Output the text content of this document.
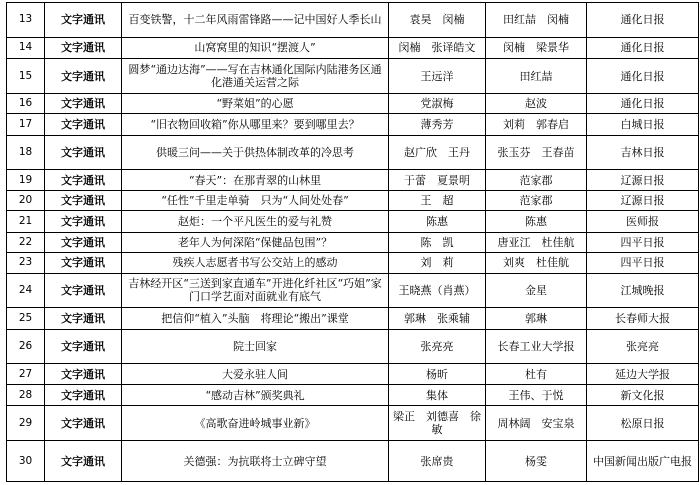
13	文字通讯	百变铁警，十二年风雨雷锋路——记中国好人季长山	袁昊　闵楠	田红喆　闵楠	通化日报
14	文字通讯	山窝窝里的知识“摆渡人”	闵楠　张译皓文	闵楠　梁景华	通化日报
15	文字通讯	圆梦“通边达海”——写在吉林通化国际内陆港务区通化港通关运营之际	王远洋	田红喆	通化日报
16	文字通讯	“野菜姐”的心愿	党淑梅	赵波	通化日报
17	文字通讯	“旧衣物回收箱”你从哪里来？要到哪里去？	薄秀芳	刘莉　郭春启	白城日报
18	文字通讯	供暖三问——关于供热体制改革的冷思考	赵广欣　王丹	张玉芬　王春苗	吉林日报
19	文字通讯	“春天”：在那青翠的山林里	于蕾　夏景明	范家郡	辽源日报
20	文字通讯	“任性”千里走单骑　只为“人间处处春”	王　超	范家郡	辽源日报
21	文字通讯	赵炬：一个平凡医生的爱与礼赞	陈惠	陈惠	医师报
22	文字通讯	老年人为何深陷“保健品包围”？	陈　凯	唐亚江　杜佳航	四平日报
23	文字通讯	残疾人志愿者书写公交站上的感动	刘　莉	刘爽　杜佳航	四平日报
24	文字通讯	吉林经开区“三送到家直通车”开进化纤社区“巧姐”家门口学艺面对面就业有底气	王晓燕（肖燕）	金星	江城晚报
25	文字通讯	把信仰“植入”头脑　将理论“搬出”课堂	郭琳　张乘辅	郭琳	长春师大报
26	文字通讯	院士回家	张亮亮	长春工业大学报	张亮亮
27	文字通讯	大爱永驻人间	杨昕	杜有	延边大学报
28	文字通讯	“感动吉林”颁奖典礼	集体	王伟、于悦	新文化报
29	文字通讯	《高歌奋进岭城事业新》	梁正　刘德喜　徐敏	周林阔　安宝泉	松原日报
30	文字通讯	关德强：为抗联将士立碑守望	张席贵	杨雯	中国新闻出版广电报
